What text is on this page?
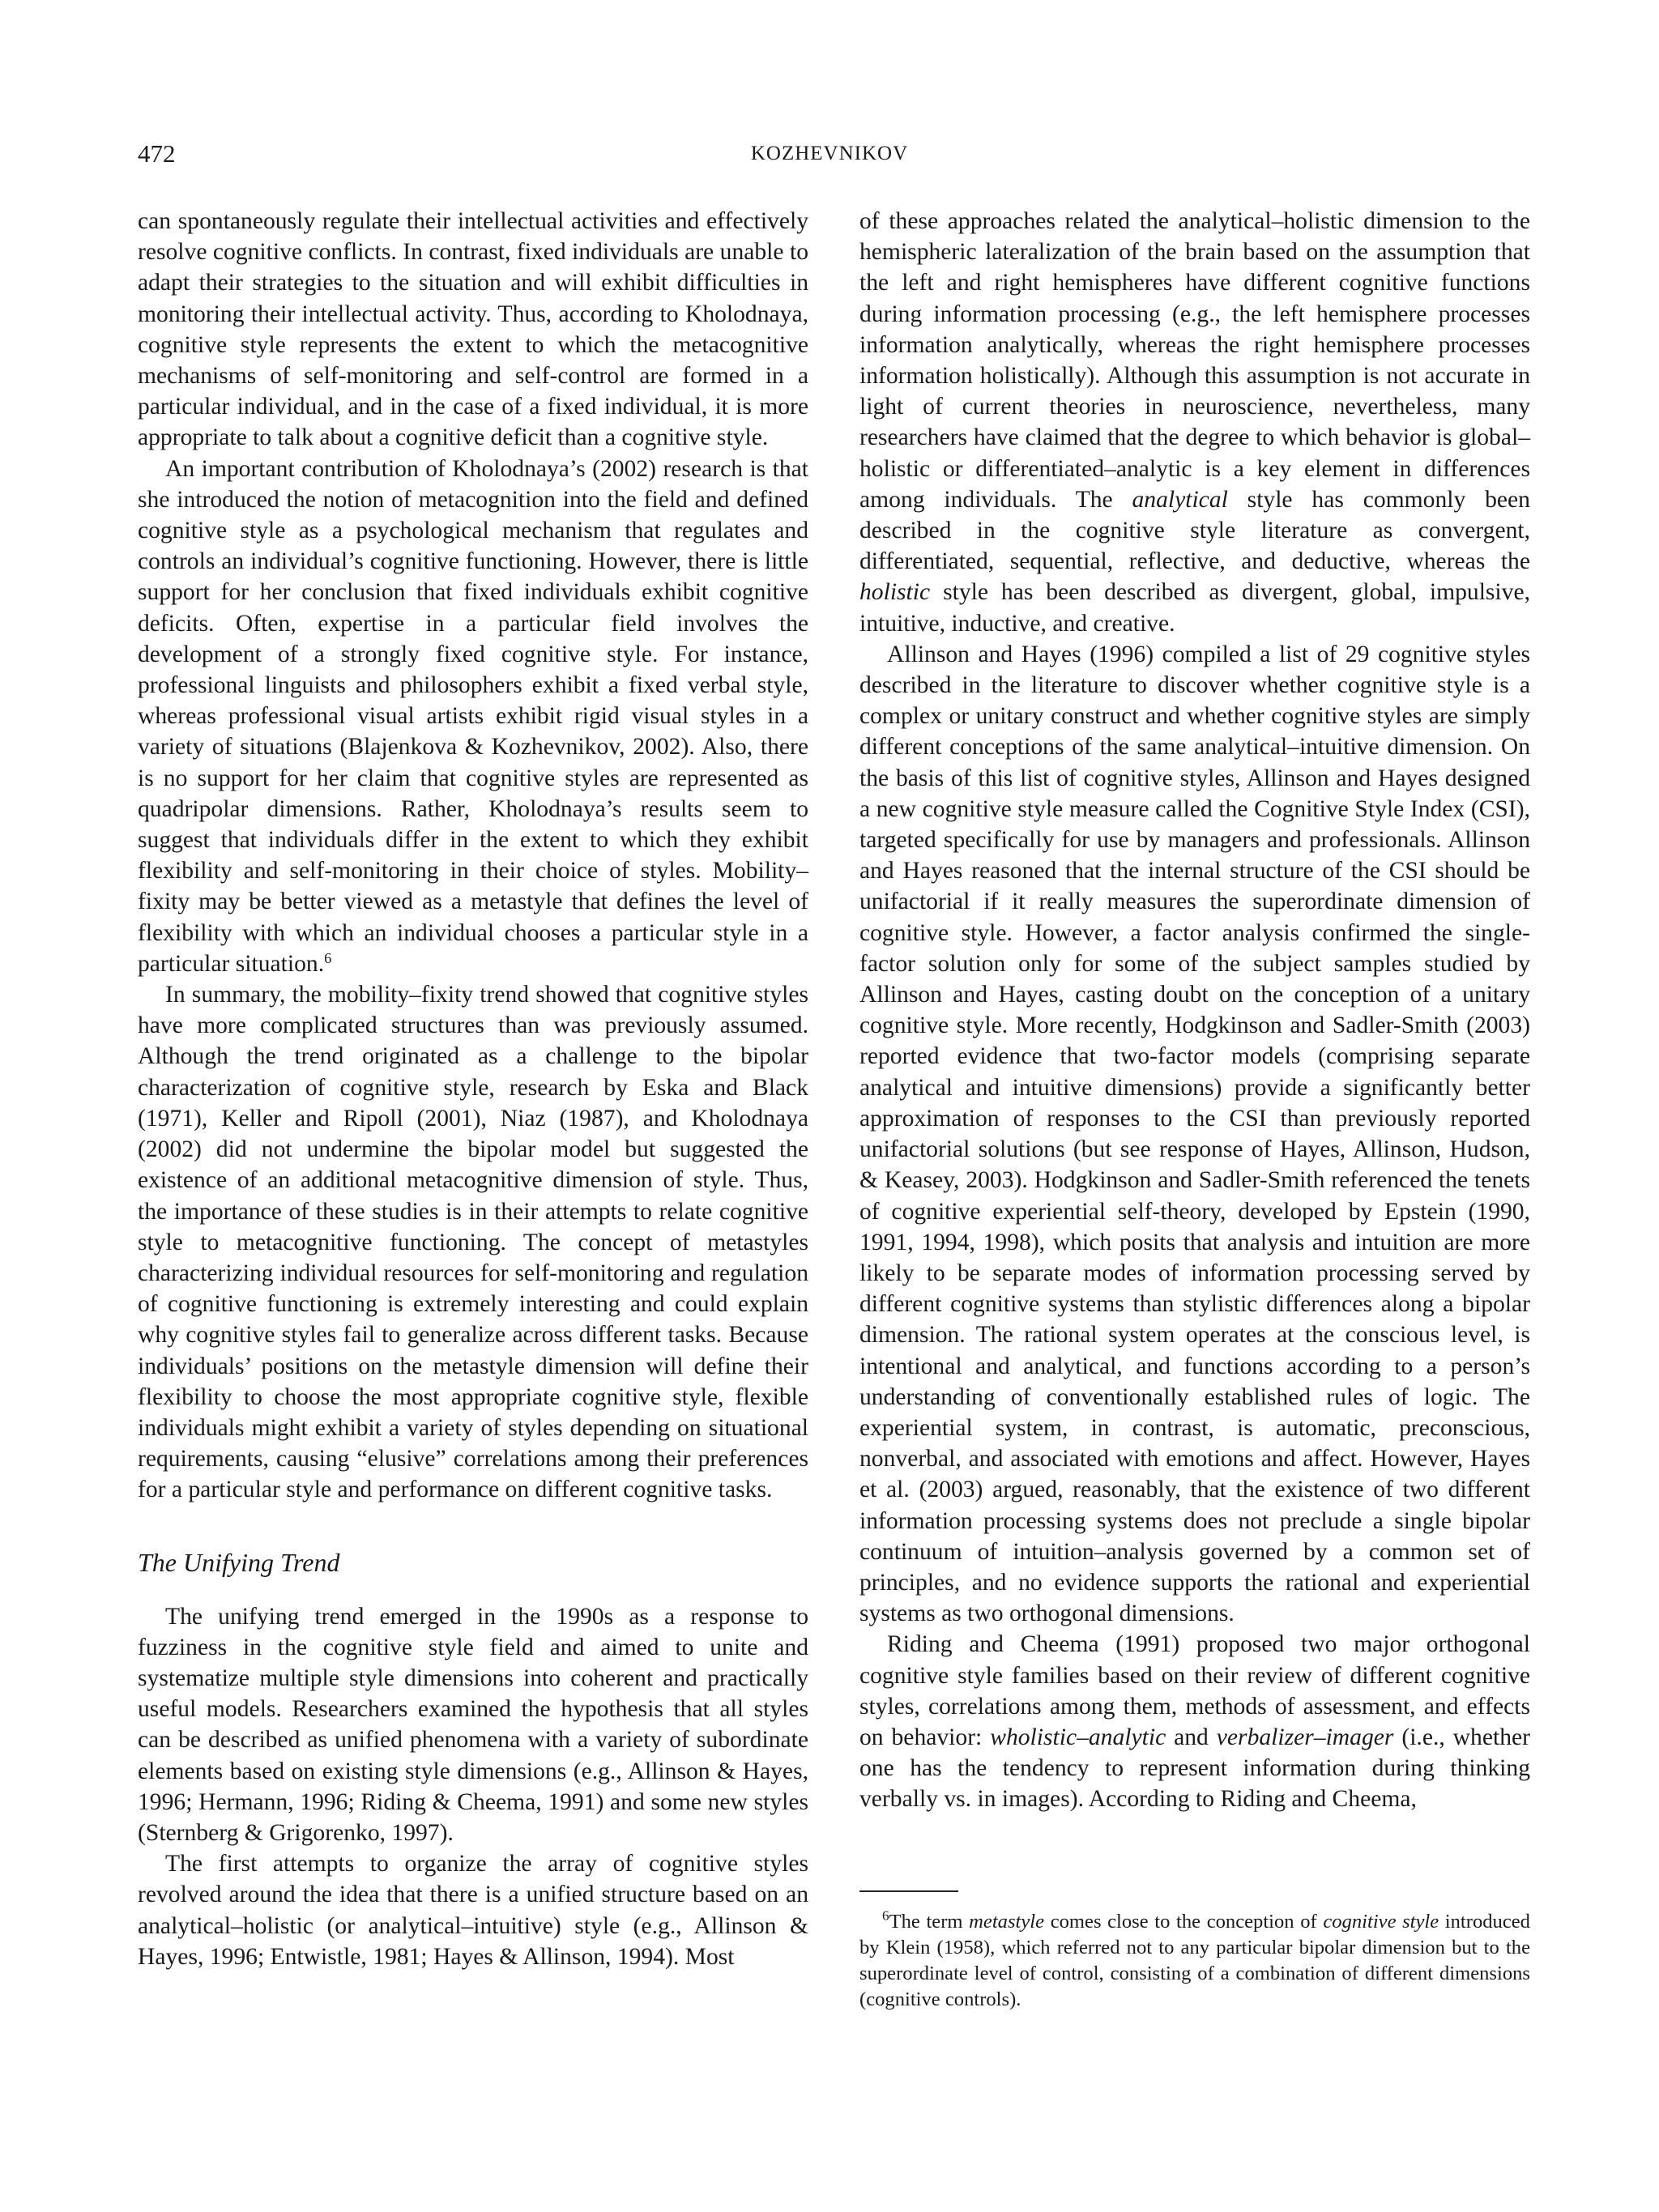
472	KOZHEVNIKOV

can spontaneously regulate their intellectual activities and effectively resolve cognitive conflicts. In contrast, fixed individuals are unable to adapt their strategies to the situation and will exhibit difficulties in monitoring their intellectual activity. Thus, according to Kholodnaya, cognitive style represents the extent to which the metacognitive mechanisms of self-monitoring and self-control are formed in a particular individual, and in the case of a fixed individual, it is more appropriate to talk about a cognitive deficit than a cognitive style.

An important contribution of Kholodnaya’s (2002) research is that she introduced the notion of metacognition into the field and defined cognitive style as a psychological mechanism that regulates and controls an individual’s cognitive functioning. However, there is little support for her conclusion that fixed individuals exhibit cognitive deficits. Often, expertise in a particular field involves the development of a strongly fixed cognitive style. For instance, professional linguists and philosophers exhibit a fixed verbal style, whereas professional visual artists exhibit rigid visual styles in a variety of situations (Blajenkova & Kozhevnikov, 2002). Also, there is no support for her claim that cognitive styles are represented as quadripolar dimensions. Rather, Kholodnaya’s results seem to suggest that individuals differ in the extent to which they exhibit flexibility and self-monitoring in their choice of styles. Mobility–fixity may be better viewed as a metastyle that defines the level of flexibility with which an individual chooses a particular style in a particular situation.$^6$

In summary, the mobility–fixity trend showed that cognitive styles have more complicated structures than was previously assumed. Although the trend originated as a challenge to the bipolar characterization of cognitive style, research by Eska and Black (1971), Keller and Ripoll (2001), Niaz (1987), and Kholodnaya (2002) did not undermine the bipolar model but suggested the existence of an additional metacognitive dimension of style. Thus, the importance of these studies is in their attempts to relate cognitive style to metacognitive functioning. The concept of metastyles characterizing individual resources for self-monitoring and regulation of cognitive functioning is extremely interesting and could explain why cognitive styles fail to generalize across different tasks. Because individuals’ positions on the metastyle dimension will define their flexibility to choose the most appropriate cognitive style, flexible individuals might exhibit a variety of styles depending on situational requirements, causing “elusive” correlations among their preferences for a particular style and performance on different cognitive tasks.

The Unifying Trend

The unifying trend emerged in the 1990s as a response to fuzziness in the cognitive style field and aimed to unite and systematize multiple style dimensions into coherent and practically useful models. Researchers examined the hypothesis that all styles can be described as unified phenomena with a variety of subordinate elements based on existing style dimensions (e.g., Allinson & Hayes, 1996; Hermann, 1996; Riding & Cheema, 1991) and some new styles (Sternberg & Grigorenko, 1997).

The first attempts to organize the array of cognitive styles revolved around the idea that there is a unified structure based on an analytical–holistic (or analytical–intuitive) style (e.g., Allinson & Hayes, 1996; Entwistle, 1981; Hayes & Allinson, 1994). Most

of these approaches related the analytical–holistic dimension to the hemispheric lateralization of the brain based on the assumption that the left and right hemispheres have different cognitive functions during information processing (e.g., the left hemisphere processes information analytically, whereas the right hemisphere processes information holistically). Although this assumption is not accurate in light of current theories in neuroscience, nevertheless, many researchers have claimed that the degree to which behavior is global–holistic or differentiated–analytic is a key element in differences among individuals. The analytical style has commonly been described in the cognitive style literature as convergent, differentiated, sequential, reflective, and deductive, whereas the holistic style has been described as divergent, global, impulsive, intuitive, inductive, and creative.

Allinson and Hayes (1996) compiled a list of 29 cognitive styles described in the literature to discover whether cognitive style is a complex or unitary construct and whether cognitive styles are simply different conceptions of the same analytical–intuitive dimension. On the basis of this list of cognitive styles, Allinson and Hayes designed a new cognitive style measure called the Cognitive Style Index (CSI), targeted specifically for use by managers and professionals. Allinson and Hayes reasoned that the internal structure of the CSI should be unifactorial if it really measures the superordinate dimension of cognitive style. However, a factor analysis confirmed the single-factor solution only for some of the subject samples studied by Allinson and Hayes, casting doubt on the conception of a unitary cognitive style. More recently, Hodgkinson and Sadler-Smith (2003) reported evidence that two-factor models (comprising separate analytical and intuitive dimensions) provide a significantly better approximation of responses to the CSI than previously reported unifactorial solutions (but see response of Hayes, Allinson, Hudson, & Keasey, 2003). Hodgkinson and Sadler-Smith referenced the tenets of cognitive experiential self-theory, developed by Epstein (1990, 1991, 1994, 1998), which posits that analysis and intuition are more likely to be separate modes of information processing served by different cognitive systems than stylistic differences along a bipolar dimension. The rational system operates at the conscious level, is intentional and analytical, and functions according to a person’s understanding of conventionally established rules of logic. The experiential system, in contrast, is automatic, preconscious, nonverbal, and associated with emotions and affect. However, Hayes et al. (2003) argued, reasonably, that the existence of two different information processing systems does not preclude a single bipolar continuum of intuition–analysis governed by a common set of principles, and no evidence supports the rational and experiential systems as two orthogonal dimensions.

Riding and Cheema (1991) proposed two major orthogonal cognitive style families based on their review of different cognitive styles, correlations among them, methods of assessment, and effects on behavior: wholistic–analytic and verbalizer–imager (i.e., whether one has the tendency to represent information during thinking verbally vs. in images). According to Riding and Cheema,

$^6$The term metastyle comes close to the conception of cognitive style introduced by Klein (1958), which referred not to any particular bipolar dimension but to the superordinate level of control, consisting of a combination of different dimensions (cognitive controls).
